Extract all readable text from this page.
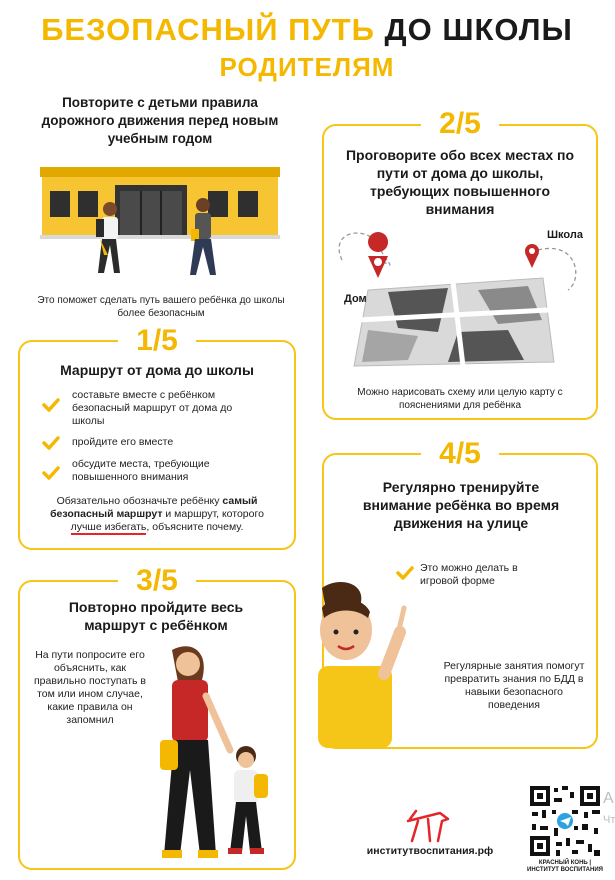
БЕЗОПАСНЫЙ ПУТЬ ДО ШКОЛЫ
РОДИТЕЛЯМ
Повторите с детьми правила дорожного движения перед новым учебным годом
Это поможет сделать путь вашего ребёнка до школы более безопасным
1/5
Маршрут от дома до школы
составьте вместе с ребёнком безопасный маршрут от дома до школы
пройдите его вместе
обсудите места, требующие повышенного внимания
Обязательно обозначьте ребёнку самый безопасный маршрут и маршрут, которого лучше избегать, объясните почему.
2/5
Проговорите обо всех местах по пути от дома до школы, требующих повышенного внимания
Дом
Школа
Можно нарисовать схему или целую карту с пояснениями для ребёнка
3/5
Повторно пройдите весь маршрут с ребёнком
На пути попросите его объяснить, как правильно поступать в том или ином случае, какие правила он запомнил
4/5
Регулярно тренируйте внимание ребёнка во время движения на улице
Это можно делать в игровой форме
Регулярные занятия помогут превратить знания по БДД в навыки безопасного поведения
институтвоспитания.рф
КРАСНЫЙ КОНЬ |
ИНСТИТУТ ВОСПИТАНИЯ
А
Чт
